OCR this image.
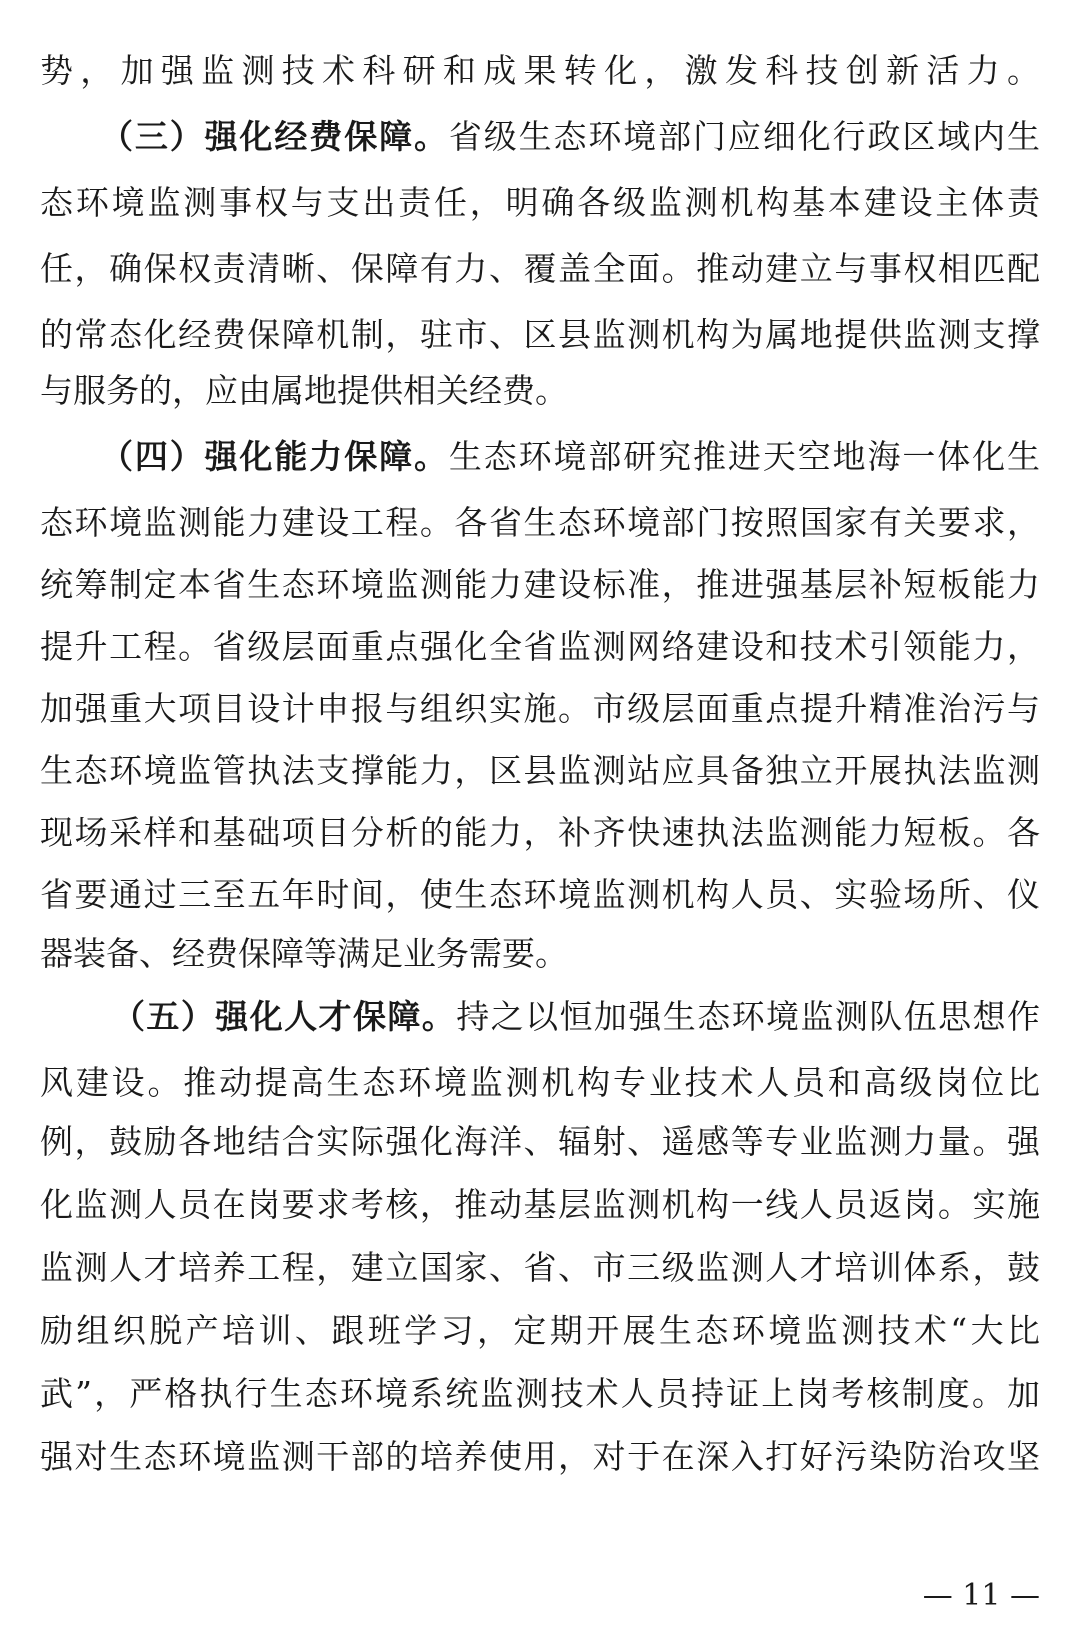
势，加强监测技术科研和成果转化，激发科技创新活力。
（三）强化经费保障。省级生态环境部门应细化行政区域内生
态环境监测事权与支出责任，明确各级监测机构基本建设主体责
任，确保权责清晰、保障有力、覆盖全面。推动建立与事权相匹配
的常态化经费保障机制，驻市、区县监测机构为属地提供监测支撑
与服务的，应由属地提供相关经费。
（四）强化能力保障。生态环境部研究推进天空地海一体化生
态环境监测能力建设工程。各省生态环境部门按照国家有关要求，
统筹制定本省生态环境监测能力建设标准，推进强基层补短板能力
提升工程。省级层面重点强化全省监测网络建设和技术引领能力，
加强重大项目设计申报与组织实施。市级层面重点提升精准治污与
生态环境监管执法支撑能力，区县监测站应具备独立开展执法监测
现场采样和基础项目分析的能力，补齐快速执法监测能力短板。各
省要通过三至五年时间，使生态环境监测机构人员、实验场所、仪
器装备、经费保障等满足业务需要。
（五）强化人才保障。持之以恒加强生态环境监测队伍思想作
风建设。推动提高生态环境监测机构专业技术人员和高级岗位比
例，鼓励各地结合实际强化海洋、辐射、遥感等专业监测力量。强
化监测人员在岗要求考核，推动基层监测机构一线人员返岗。实施
监测人才培养工程，建立国家、省、市三级监测人才培训体系，鼓
励组织脱产培训、跟班学习，定期开展生态环境监测技术“大比
武”，严格执行生态环境系统监测技术人员持证上岗考核制度。加
强对生态环境监测干部的培养使用，对于在深入打好污染防治攻坚
— 11 —
